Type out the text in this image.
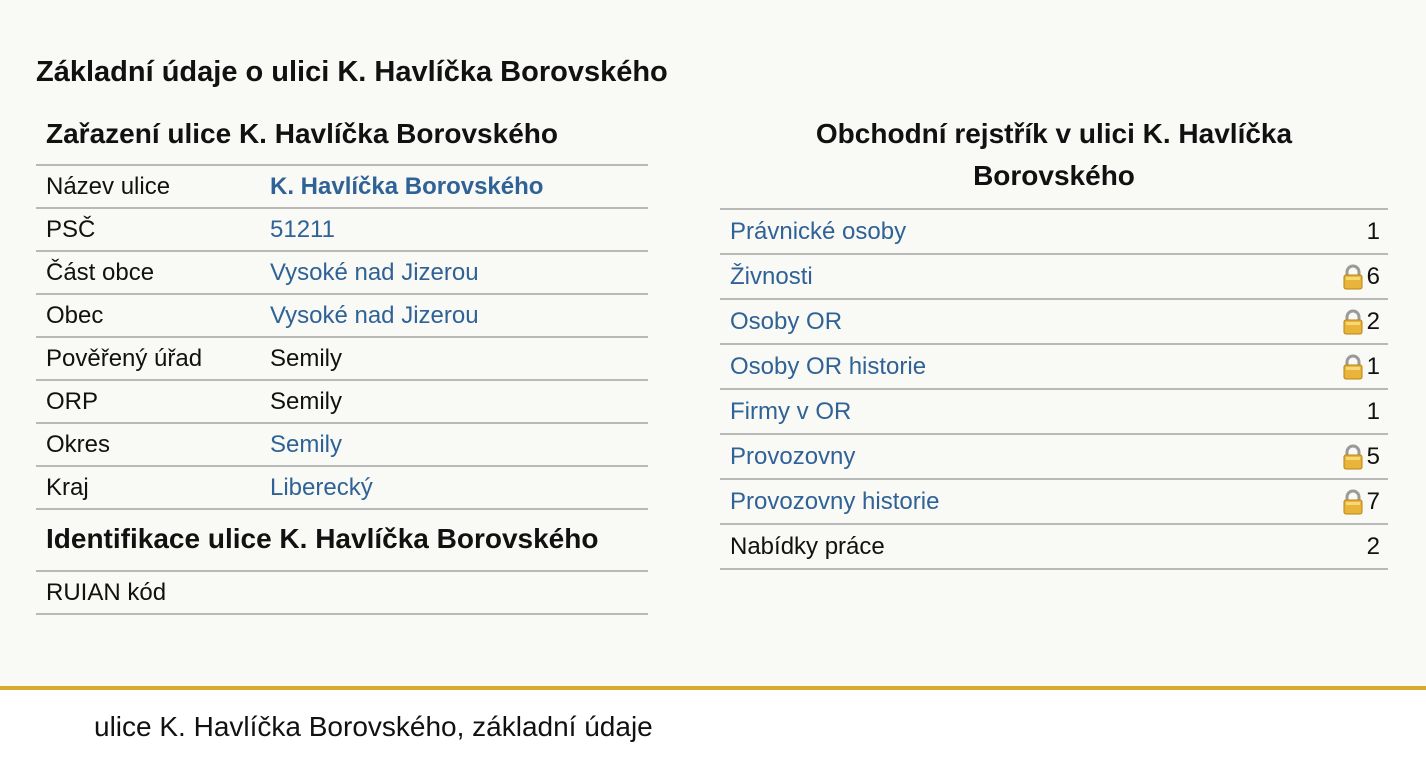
Základní údaje o ulici K. Havlíčka Borovského
Zařazení ulice K. Havlíčka Borovského
Název ulice	K. Havlíčka Borovského
PSČ	51211
Část obce	Vysoké nad Jizerou
Obec	Vysoké nad Jizerou
Pověřený úřad	Semily
ORP	Semily
Okres	Semily
Kraj	Liberecký
Identifikace ulice K. Havlíčka Borovského
RUIAN kód
Obchodní rejstřík v ulici K. Havlíčka
Borovského
Právnické osoby	1
Živnosti	6
Osoby OR	2
Osoby OR historie	1
Firmy v OR	1
Provozovny	5
Provozovny historie	7
Nabídky práce	2
ulice K. Havlíčka Borovského, základní údaje
